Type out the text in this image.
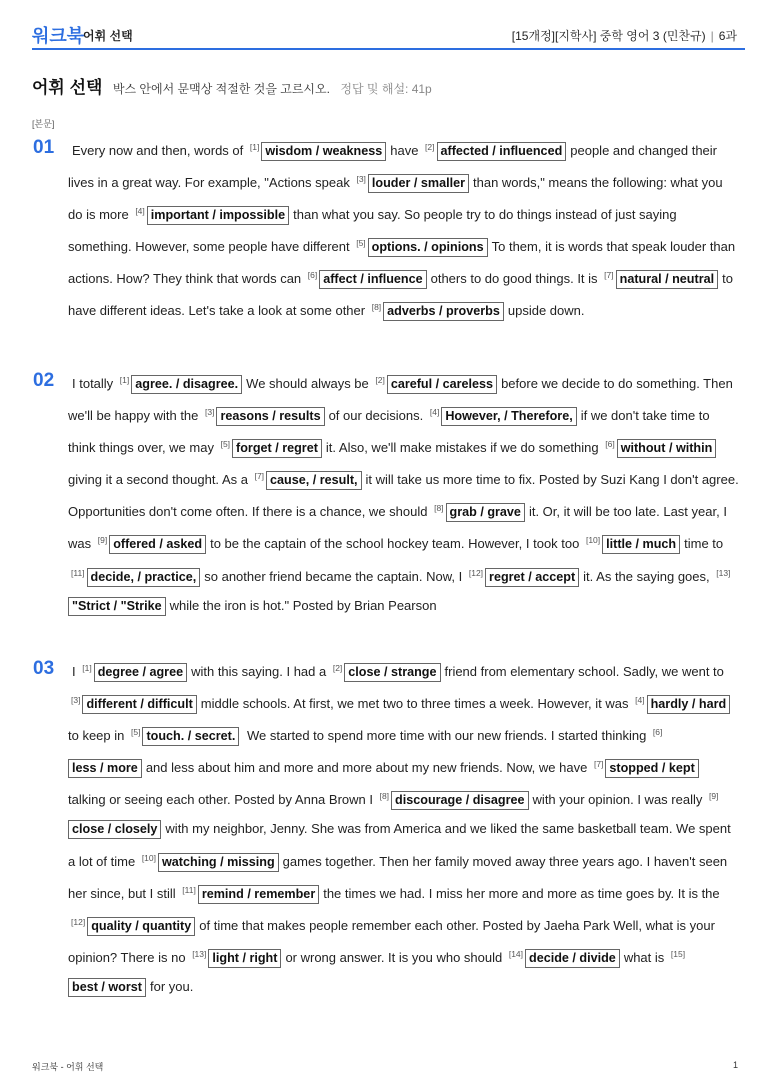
워크북
어휘 선택	[15개정][지학사] 중학 영어 3 (민찬규) | 6과
어휘 선택 박스 안에서 문맥상 적절한 것을 고르시오. 정답 및 해설: 41p
[본문]
01	Every now and then, words of [1] wisdom / weakness have [2] affected / influenced people and changed their lives in a great way. For example, "Actions speak [3] louder / smaller than words," means the following: what you do is more [4] important / impossible than what you say. So people try to do things instead of just saying something. However, some people have different [5] options. / opinions To them, it is words that speak louder than actions. How? They think that words can [6] affect / influence others to do good things. It is [7] natural / neutral to have different ideas. Let's take a look at some other [8] adverbs / proverbs upside down.
02	I totally [1] agree. / disagree. We should always be [2] careful / careless before we decide to do something. Then we'll be happy with the [3] reasons / results of our decisions. [4] However, / Therefore, if we don't take time to think things over, we may [5] forget / regret it. Also, we'll make mistakes if we do something [6] without / withingiving it a second thought. As a [7] cause, / result, it will take us more time to fix. Posted by Suzi Kang I don't agree. Opportunities don't come often. If there is a chance, we should [8] grab / grave it. Or, it will be too late. Last year, I was [9] offered / asked to be the captain of the school hockey team. However, I took too [10] little / much time to [11] decide, / practice, so another friend became the captain. Now, I [12] regret / accept it. As the saying goes, [13]"Strict / "Strike while the iron is hot." Posted by Brian Pearson
03	I [1] degree / agree with this saying. I had a [2] close / strange friend from elementary school. Sadly, we went to [3] different / difficult middle schools. At first, we met two to three times a week. However, it was [4] hardly / hardto keep in [5] touch. / secret. We started to spend more time with our new friends. I started thinking [6]less / more and less about him and more and more about my new friends. Now, we have [7] stopped / kepttalking or seeing each other. Posted by Anna Brown I [8] discourage / disagree with your opinion. I was really [9]close / closely with my neighbor, Jenny. She was from America and we liked the same basketball team. We spent a lot of time [10] watching / missing games together. Then her family moved away three years ago. I haven't seen her since, but I still [11] remind / remember the times we had. I miss her more and more as time goes by. It is the [12] quality / quantity of time that makes people remember each other. Posted by Jaeha Park Well, what is your opinion? There is no [13] light / right or wrong answer. It is you who should [14] decide / divide what is [15]best / worst for you.
워크북 - 어휘 선택	1
